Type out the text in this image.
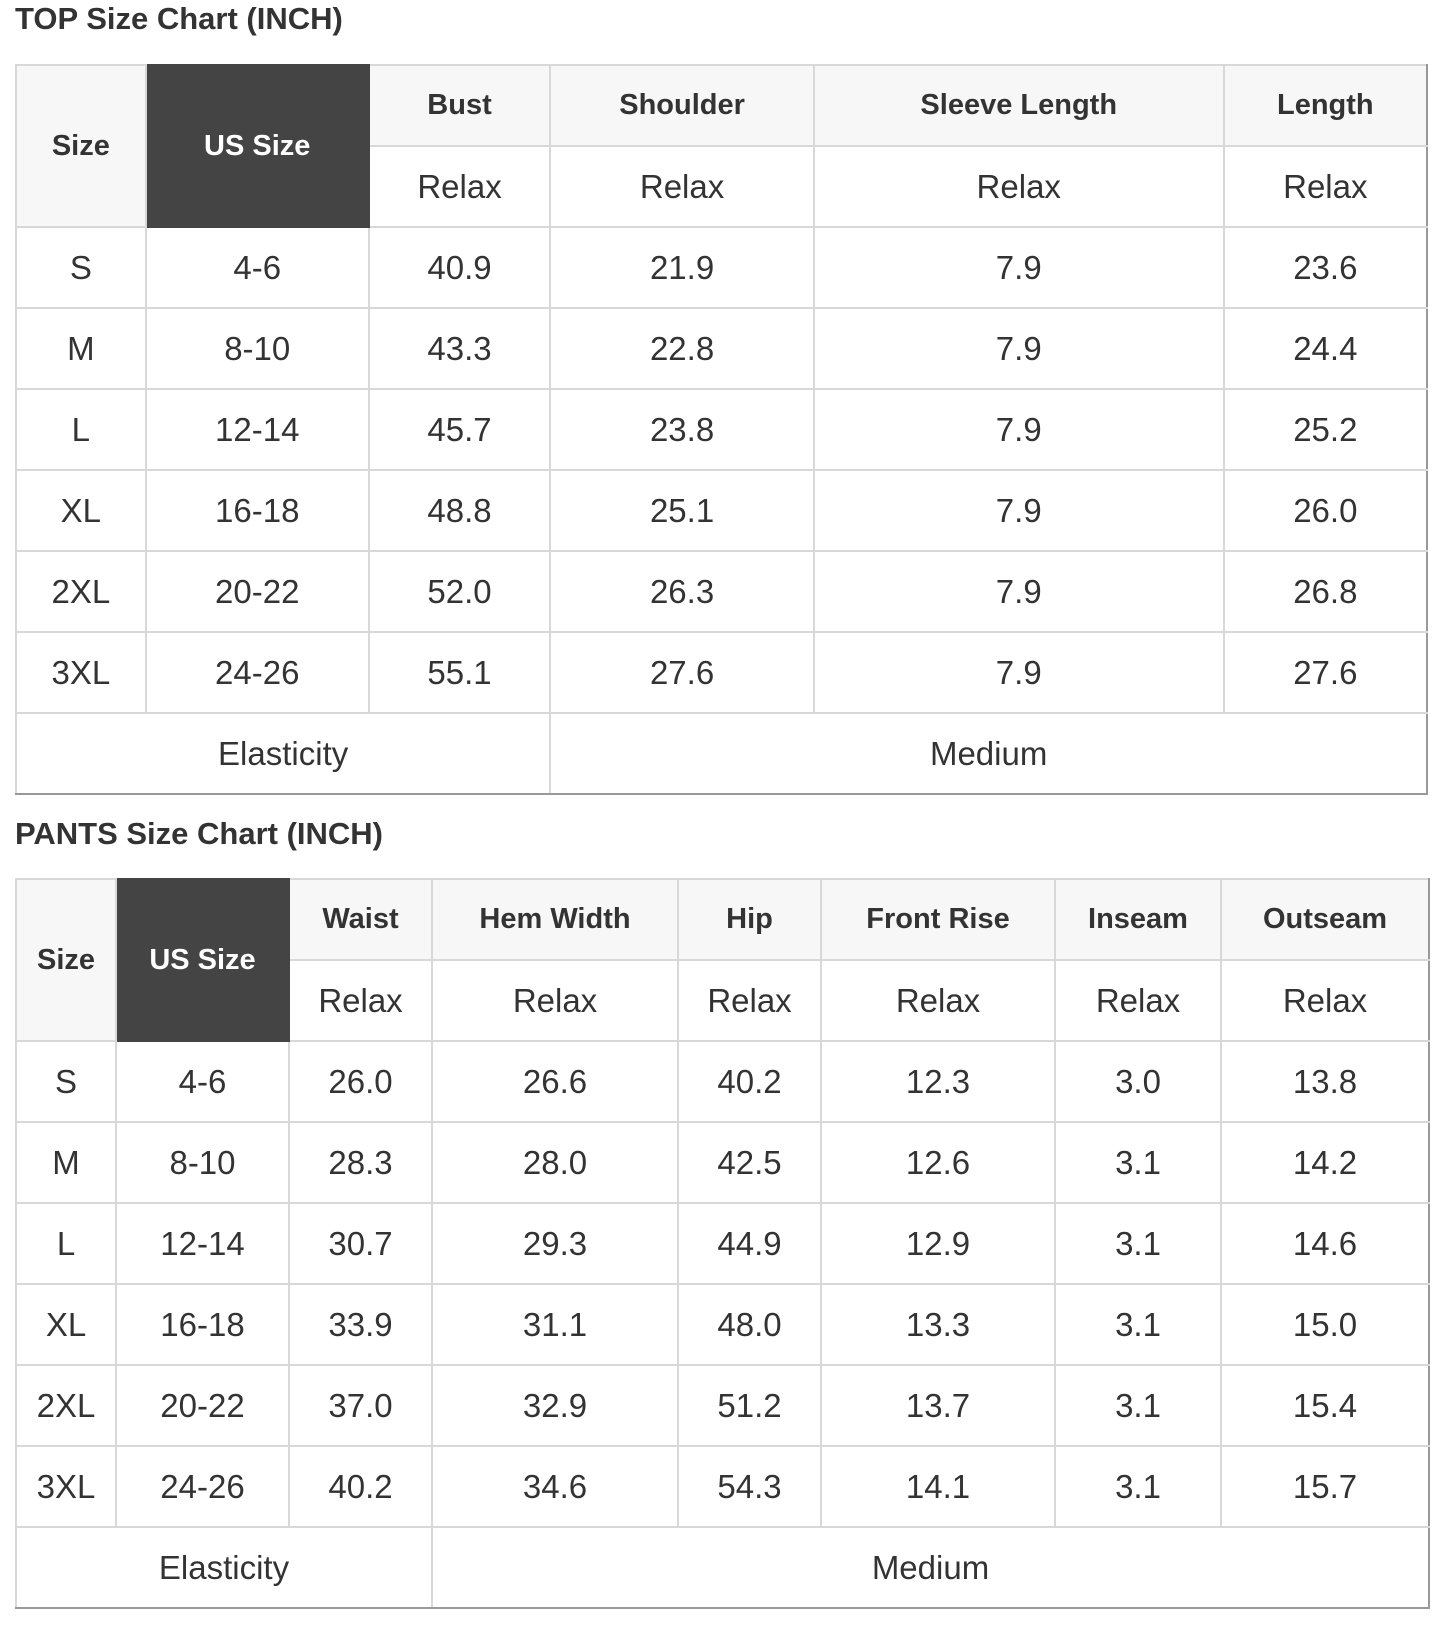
TOP Size Chart (INCH)
Size	US Size	Bust	Shoulder	Sleeve Length	Length
		Relax	Relax	Relax	Relax
S	4-6	40.9	21.9	7.9	23.6
M	8-10	43.3	22.8	7.9	24.4
L	12-14	45.7	23.8	7.9	25.2
XL	16-18	48.8	25.1	7.9	26.0
2XL	20-22	52.0	26.3	7.9	26.8
3XL	24-26	55.1	27.6	7.9	27.6
Elasticity			Medium		
PANTS Size Chart (INCH)
Size	US Size	Waist	Hem Width	Hip	Front Rise	Inseam	Outseam
		Relax	Relax	Relax	Relax	Relax	Relax
S	4-6	26.0	26.6	40.2	12.3	3.0	13.8
M	8-10	28.3	28.0	42.5	12.6	3.1	14.2
L	12-14	30.7	29.3	44.9	12.9	3.1	14.6
XL	16-18	33.9	31.1	48.0	13.3	3.1	15.0
2XL	20-22	37.0	32.9	51.2	13.7	3.1	15.4
3XL	24-26	40.2	34.6	54.3	14.1	3.1	15.7
Elasticity			Medium				
